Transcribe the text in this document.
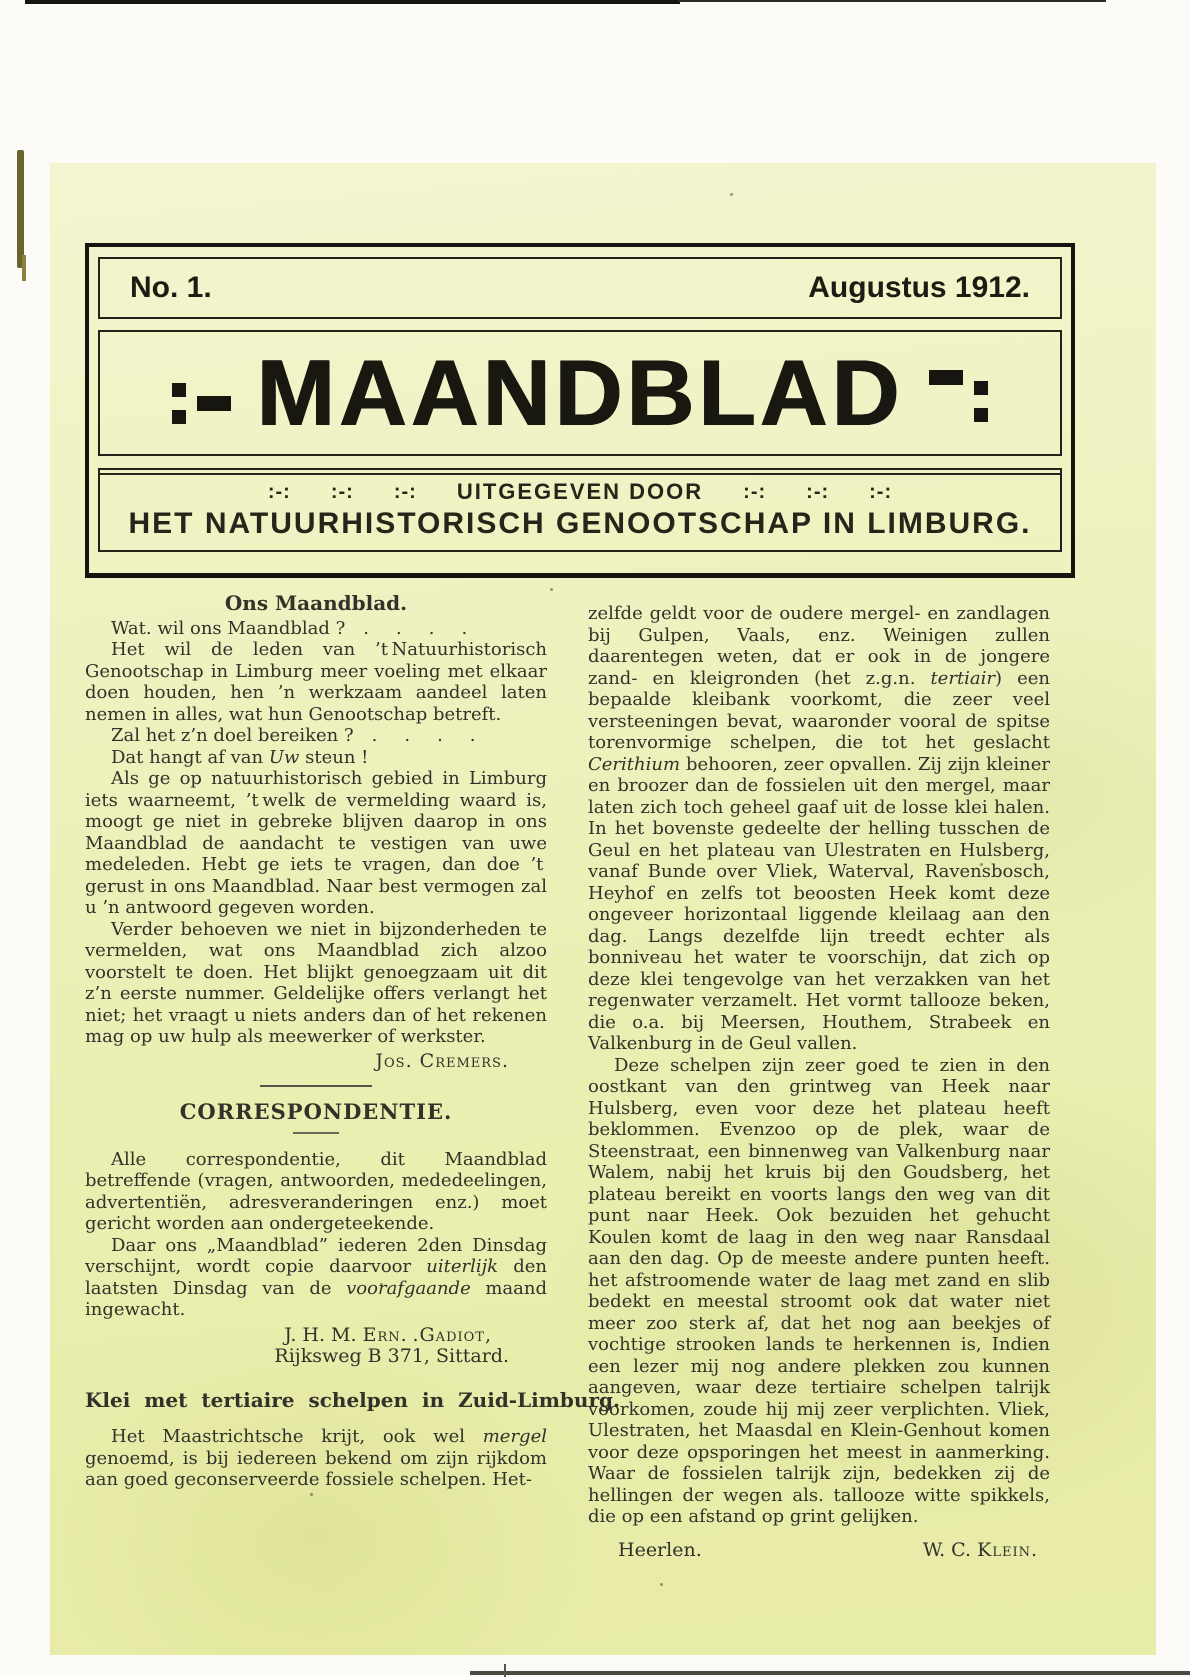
No. 1.	Augustus 1912.
MAANDBLAD
:-: :-: :-: UITGEGEVEN DOOR :-: :-: :-:
HET NATUURHISTORISCH GENOOTSCHAP IN LIMBURG.
Ons Maandblad.

Wat. wil ons Maandblad ?  .   .   .   .

Het wil de leden van ’t Natuurhistorisch Genootschap in Limburg meer voeling met elkaar doen houden, hen ’n werkzaam aandeel laten nemen in alles, wat hun Genootschap betreft.

Zal het z’n doel bereiken ?  .   .   .   .

Dat hangt af van Uw steun !

Als ge op natuurhistorisch gebied in Limburg iets waarneemt, ’t welk de vermelding waard is, moogt ge niet in gebreke blijven daarop in ons Maandblad de aandacht te vestigen van uwe medeleden. Hebt ge iets te vragen, dan doe ’t gerust in ons Maandblad. Naar best vermogen zal u ’n antwoord gegeven worden.

Verder behoeven we niet in bijzonderheden te vermelden, wat ons Maandblad zich alzoo voorstelt te doen. Het blijkt genoegzaam uit dit z’n eerste nummer. Geldelijke offers verlangt het niet; het vraagt u niets anders dan of het rekenen mag op uw hulp als meewerker of werkster.

Jos. Cremers.
CORRESPONDENTIE.

Alle correspondentie, dit Maandblad betreffende (vragen, antwoorden, mededeelingen, advertentiën, adresveranderingen enz.) moet gericht worden aan ondergeteekende.

Daar ons „Maandblad” iederen 2den Dinsdag verschijnt, wordt copie daarvoor uiterlijk den laatsten Dinsdag van de voorafgaande maand ingewacht.

J. H. M. Ern. .Gadiot,
Rijksweg B 371, Sittard.
Klei met tertiaire schelpen in Zuid-Limburg.

Het Maastrichtsche krijt, ook wel mergel genoemd, is bij iedereen bekend om zijn rijkdom aan goed geconserveerde fossiele schelpen. Het-

zelfde geldt voor de oudere mergel- en zandlagen bij Gulpen, Vaals, enz. Weinigen zullen daarentegen weten, dat er ook in de jongere zand- en kleigronden (het z.g.n. tertiair) een bepaalde kleibank voorkomt, die zeer veel versteeningen bevat, waaronder vooral de spitse torenvormige schelpen, die tot het geslacht Cerithium behooren, zeer opvallen. Zij zijn kleiner en broozer dan de fossielen uit den mergel, maar laten zich toch geheel gaaf uit de losse klei halen. In het bovenste gedeelte der helling tusschen de Geul en het plateau van Ulestraten en Hulsberg, vanaf Bunde over Vliek, Waterval, Ravensbosch, Heyhof en zelfs tot beoosten Heek komt deze ongeveer horizontaal liggende kleilaag aan den dag. Langs dezelfde lijn treedt echter als bonniveau het water te voorschijn, dat zich op deze klei tengevolge van het verzakken van het regenwater verzamelt. Het vormt tallooze beken, die o.a. bij Meersen, Houthem, Strabeek en Valkenburg in de Geul vallen.

Deze schelpen zijn zeer goed te zien in den oostkant van den grintweg van Heek naar Hulsberg, even voor deze het plateau heeft beklommen. Evenzoo op de plek, waar de Steenstraat, een binnenweg van Valkenburg naar Walem, nabij het kruis bij den Goudsberg, het plateau bereikt en voorts langs den weg van dit punt naar Heek. Ook bezuiden het gehucht Koulen komt de laag in den weg naar Ransdaal aan den dag. Op de meeste andere punten heeft. het afstroomende water de laag met zand en slib bedekt en meestal stroomt ook dat water niet meer zoo sterk af, dat het nog aan beekjes of vochtige strooken lands te herkennen is, Indien een lezer mij nog andere plekken zou kunnen aangeven, waar deze tertiaire schelpen talrijk voorkomen, zoude hij mij zeer verplichten. Vliek, Ulestraten, het Maasdal en Klein-Genhout komen voor deze opsporingen het meest in aanmerking. Waar de fossielen talrijk zijn, bedekken zij de hellingen der wegen als. tallooze witte spikkels, die op een afstand op grint gelijken.

Heerlen.	W. C. Klein.
